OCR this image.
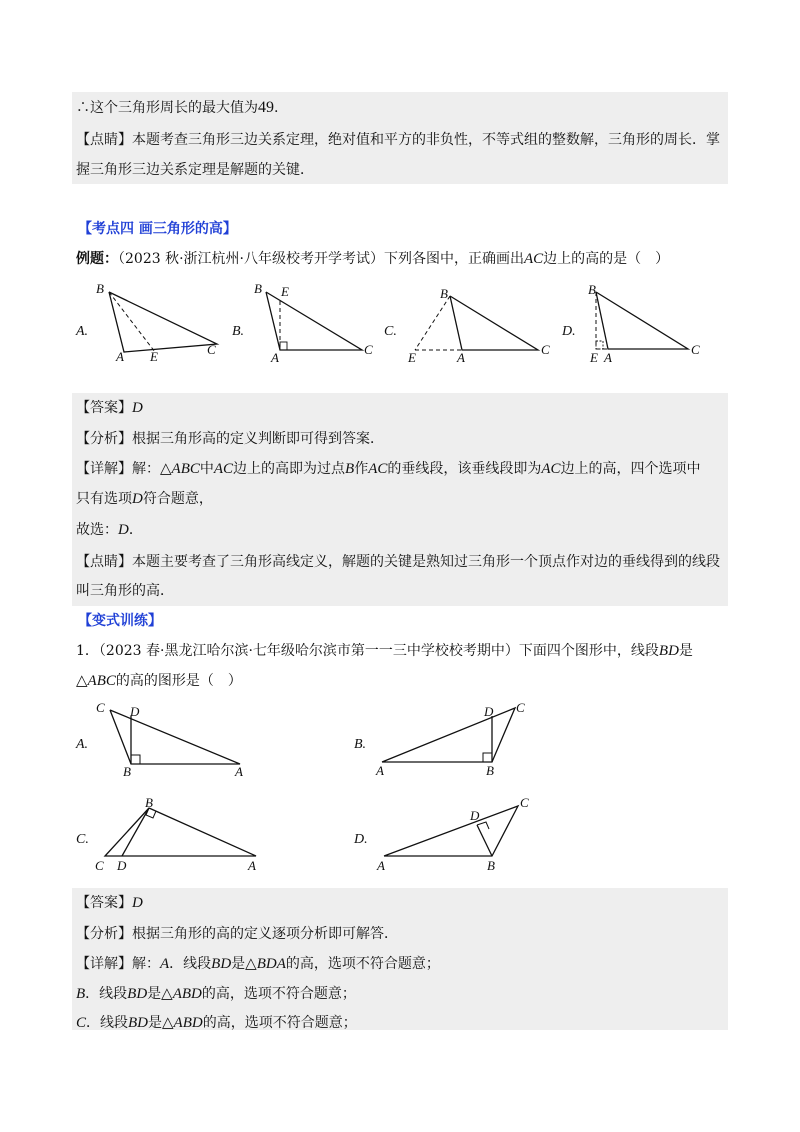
∴这个三角形周长的最大值为49.
【点睛】本题考查三角形三边关系定理，绝对值和平方的非负性，不等式组的整数解，三角形的周长．掌
握三角形三边关系定理是解题的关键．
【考点四 画三角形的高】
例题：（2023 秋·浙江杭州·八年级校考开学考试）下列各图中，正确画出AC边上的高的是（　）
A.
B
A E	C
B.
B E
A
C
C.
B
E	A
C
D.
B
E A
C
【答案】D
【分析】根据三角形高的定义判断即可得到答案．
【详解】解：△ABC中AC边上的高即为过点B作AC的垂线段，该垂线段即为AC边上的高，四个选项中
只有选项D符合题意，
故选：D．
【点睛】本题主要考查了三角形高线定义，解题的关键是熟知过三角形一个顶点作对边的垂线得到的线段
叫三角形的高．
【变式训练】
1．（2023 春·黑龙江哈尔滨·七年级哈尔滨市第一一三中学校校考期中）下面四个图形中，线段BD是
△ABC的高的图形是（　）
A.
C D
B	A
B.
D C
A	B
C.
B
C D	A
D.
D
C
A	B
【答案】D
【分析】根据三角形的高的定义逐项分析即可解答．
【详解】解：A．线段BD是△BDA的高，选项不符合题意；
B．线段BD是△ABD的高，选项不符合题意；
C．线段BD是△ABD的高，选项不符合题意；
